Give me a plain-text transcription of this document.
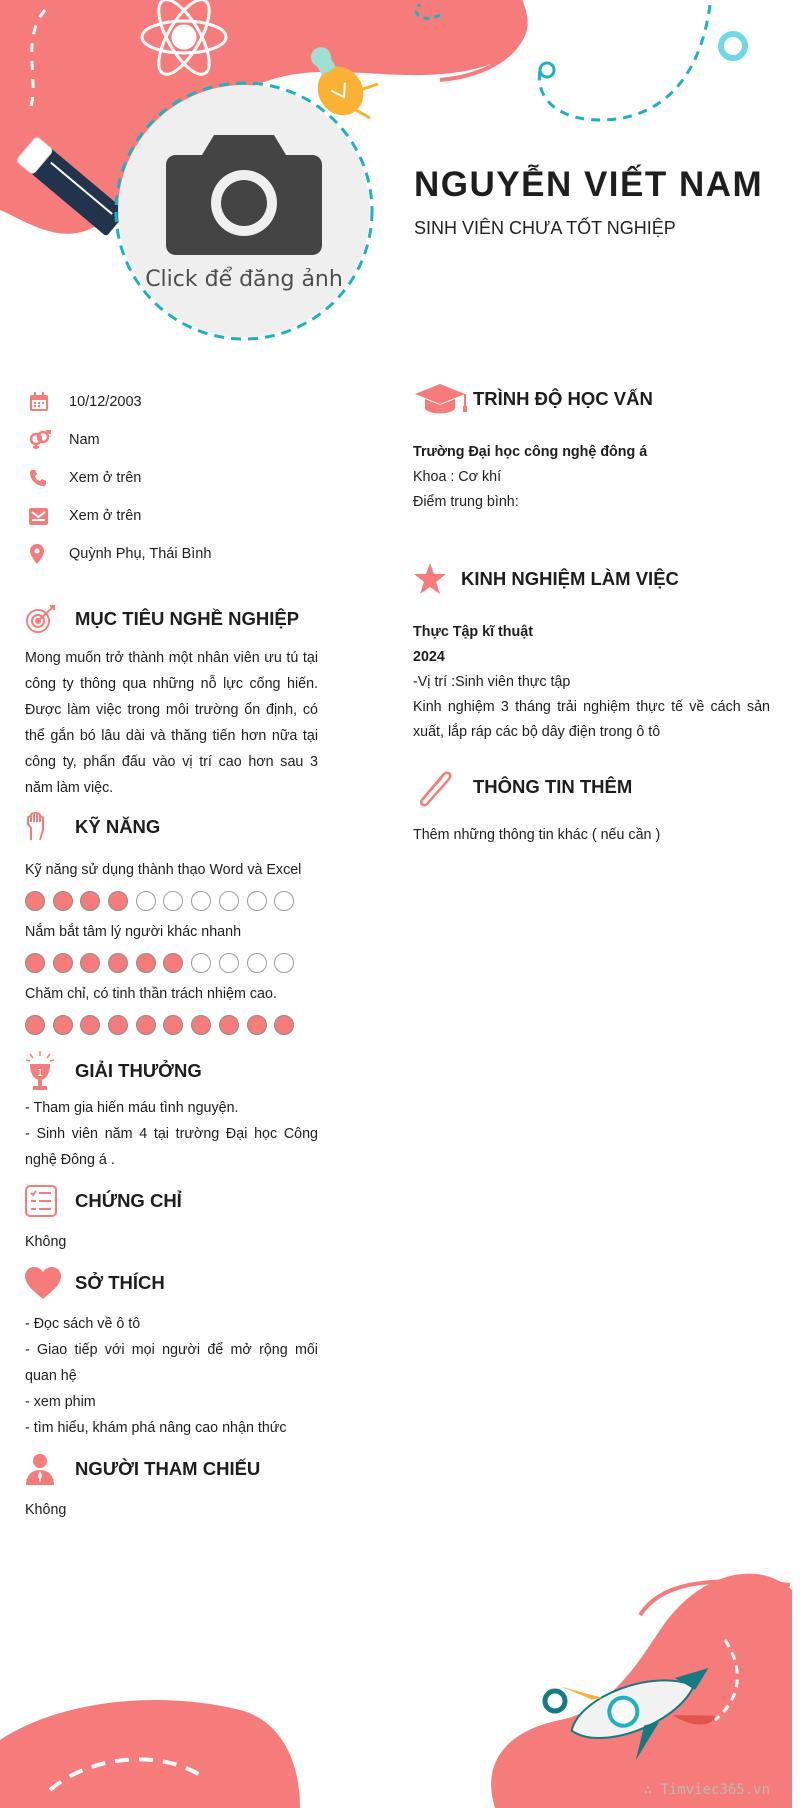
Click để đăng ảnh
NGUYỄN VIẾT NAM
SINH VIÊN CHƯA TỐT NGHIỆP
10/12/2003
Nam
Xem ở trên
Xem ở trên
Quỳnh Phụ, Thái Bình
MỤC TIÊU NGHỀ NGHIỆP

Mong muốn trở thành một nhân viên ưu tú tại công ty thông qua những nỗ lực cống hiến. Được làm việc trong môi trường ổn định, có thể gắn bó lâu dài và thăng tiến hơn nữa tại công ty, phấn đấu vào vị trí cao hơn sau 3 năm làm việc.

KỸ NĂNG
Kỹ năng sử dụng thành thạo Word và Excel
Nắm bắt tâm lý người khác nhanh
Chăm chỉ, có tinh thần trách nhiệm cao.
1 GIẢI THƯỞNG

- Tham gia hiến máu tình nguyện.

- Sinh viên năm 4 tại trường Đại học Công nghệ Đông á .

CHỨNG CHỈ

Không

SỞ THÍCH

- Đọc sách về ô tô

- Giao tiếp với mọi người để mở rộng mối quan hệ

- xem phim

- tìm hiểu, khám phá nâng cao nhận thức

NGƯỜI THAM CHIẾU

Không

TRÌNH ĐỘ HỌC VẤN

Trường Đại học công nghệ đông á

Khoa : Cơ khí

Điểm trung bình:

KINH NGHIỆM LÀM VIỆC

Thực Tập kĩ thuật

2024

-Vị trí :Sinh viên thực tập

Kinh nghiệm 3 tháng trải nghiệm thực tế về cách sản xuất, lắp ráp các bộ dây điện trong ô tô

THÔNG TIN THÊM

Thêm những thông tin khác ( nếu cần )

∴ Timviec365.vn
